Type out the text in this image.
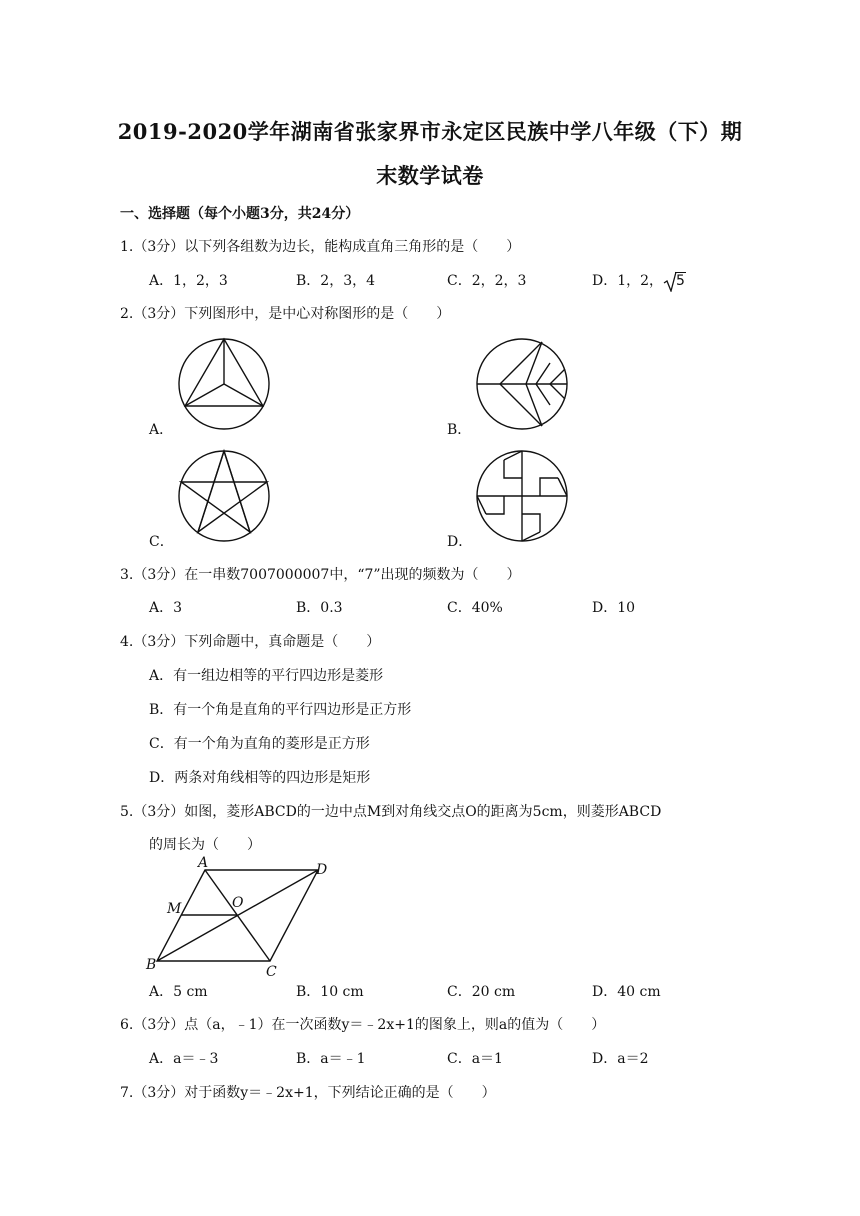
2019-2020学年湖南省张家界市永定区民族中学八年级（下）期
末数学试卷
一、选择题（每个小题3分，共24分）
1.（3分）以下列各组数为边长，能构成直角三角形的是（　　）
A．1，2，3	B．2，3，4	C．2，2，3	D．1，2， 5
2.（3分）下列图形中，是中心对称图形的是（　　）
A．	B．
C．	D．
3.（3分）在一串数7007000007中，“7”出现的频数为（　　）
A．3	B．0.3	C．40%	D．10
4.（3分）下列命题中，真命题是（　　）
A．有一组边相等的平行四边形是菱形
B．有一个角是直角的平行四边形是正方形
C．有一个角为直角的菱形是正方形
D．两条对角线相等的四边形是矩形
5.（3分）如图，菱形ABCD的一边中点M到对角线交点O的距离为5cm，则菱形ABCD
的周长为（　　）
A
B	C
D
M	O
A．5 cm	B．10 cm	C．20 cm	D．40 cm
6.（3分）点（a，﹣1）在一次函数y＝﹣2x+1的图象上，则a的值为（　　）
A．a＝﹣3	B．a＝﹣1	C．a＝1	D．a＝2
7.（3分）对于函数y＝﹣2x+1，下列结论正确的是（　　）
